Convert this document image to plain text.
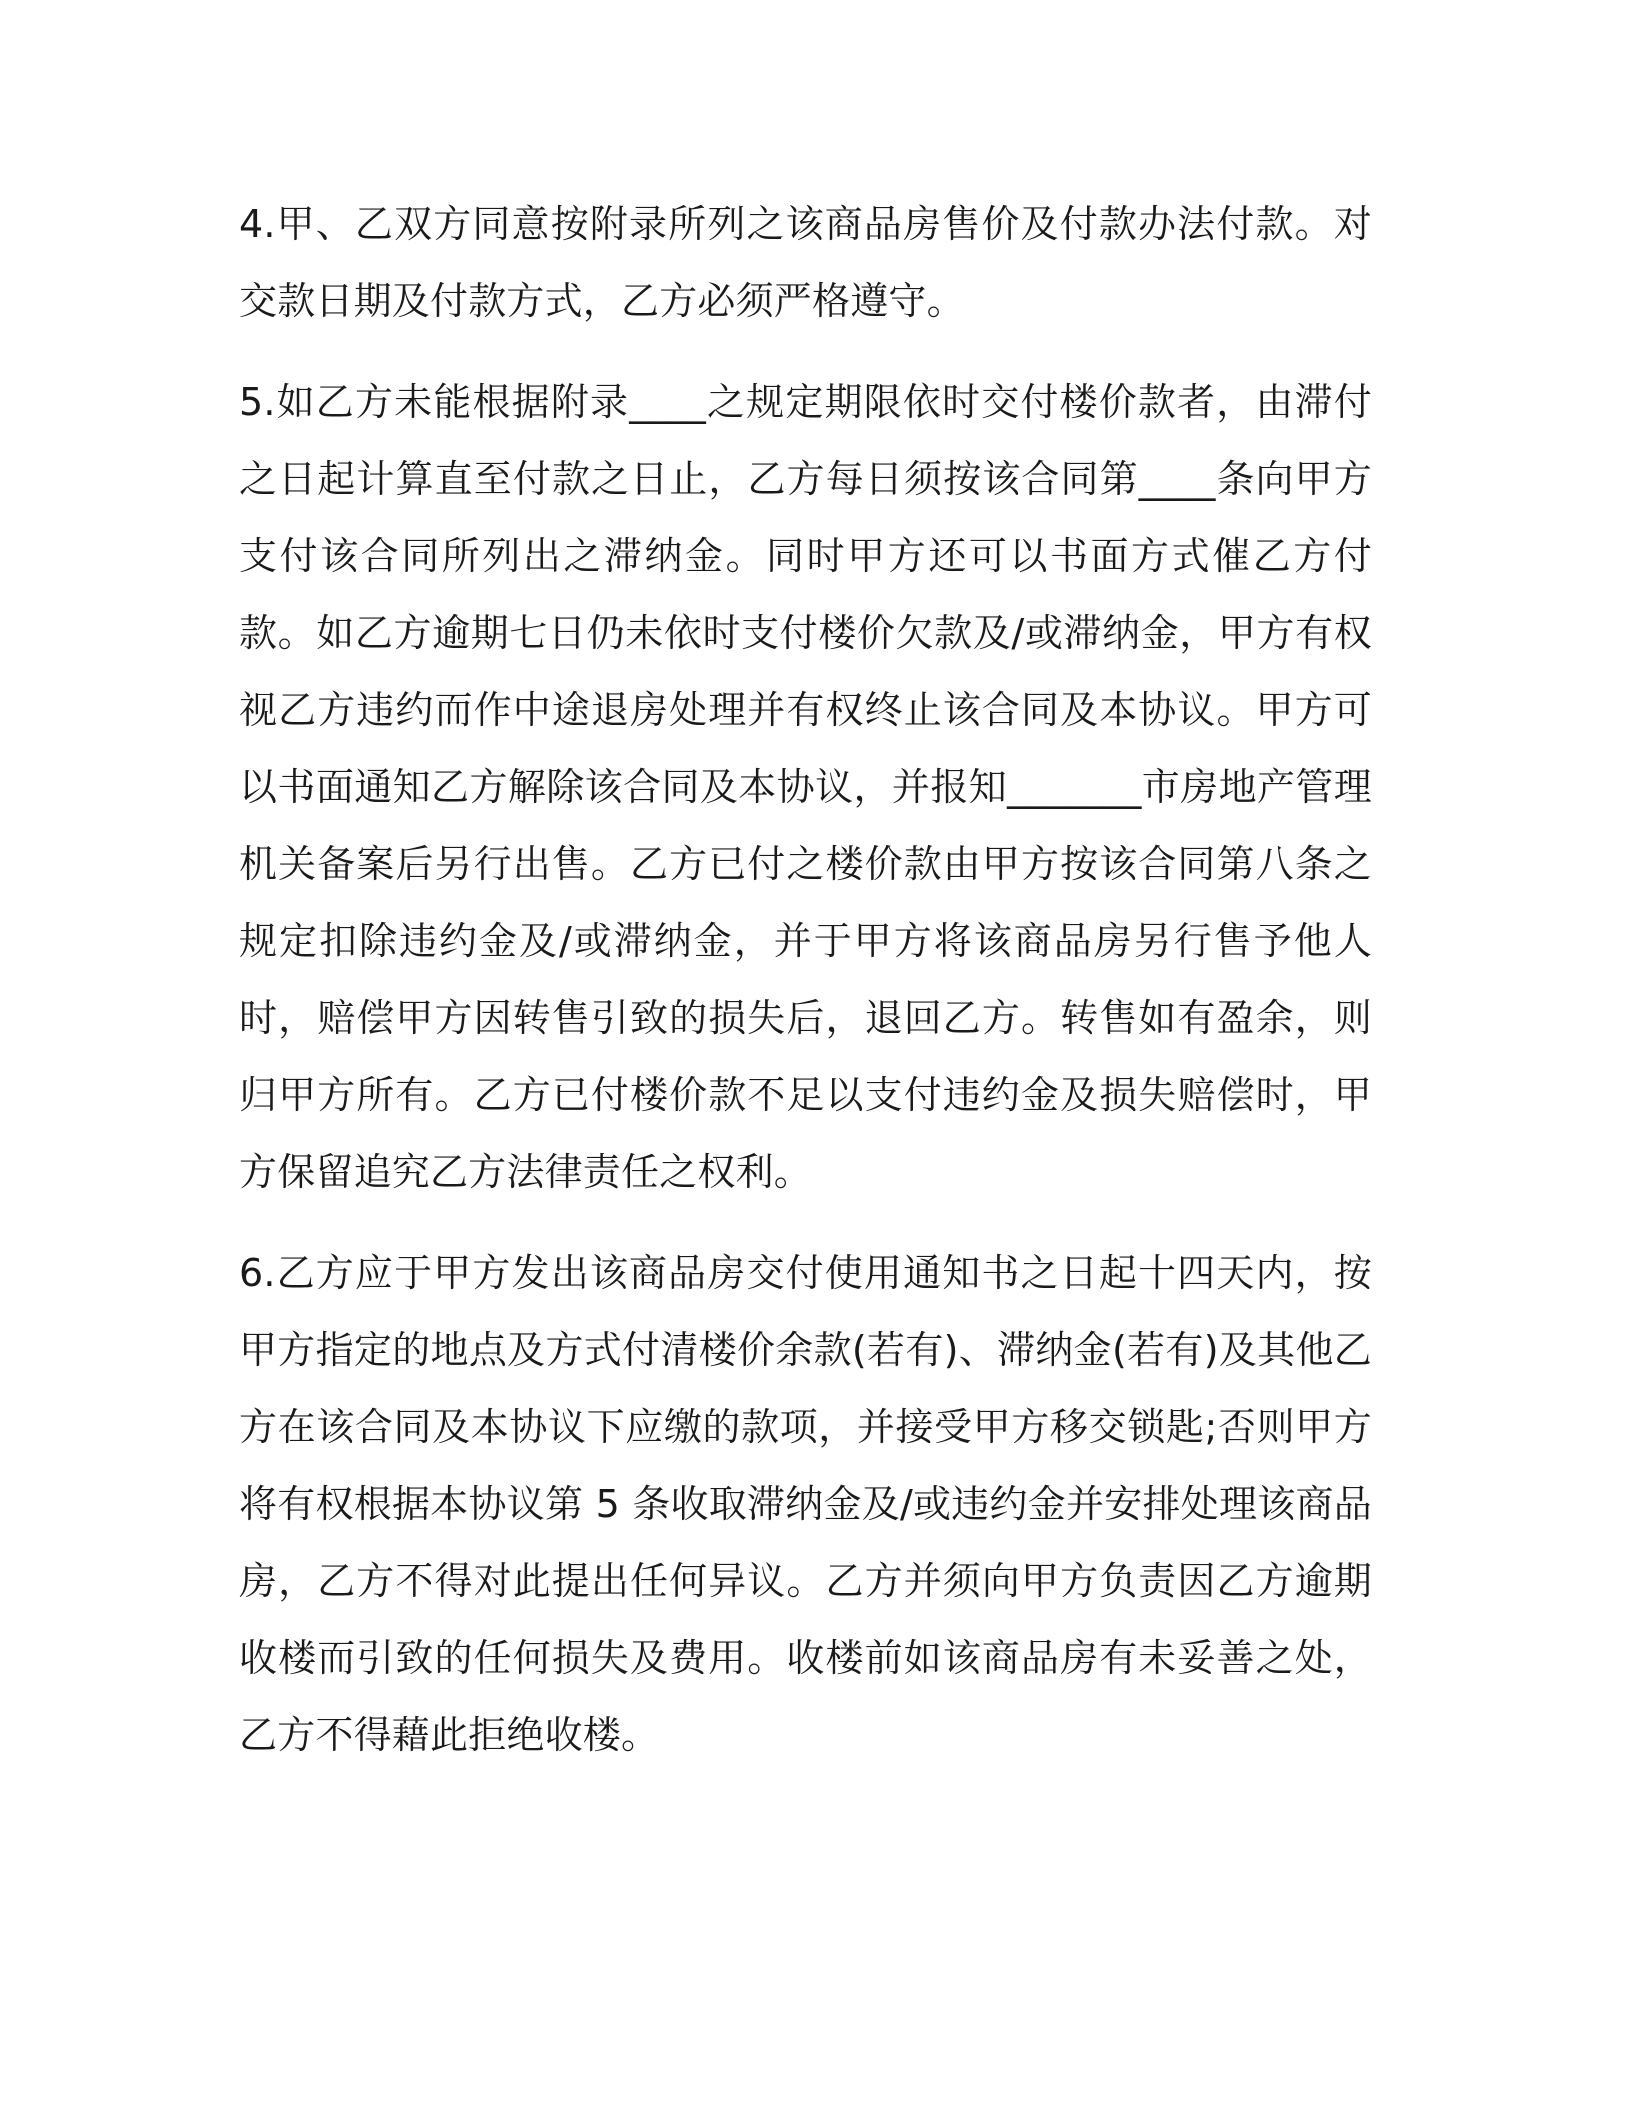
4.甲、乙双方同意按附录所列之该商品房售价及付款办法付款。对交款日期及付款方式，乙方必须严格遵守。

5.如乙方未能根据附录____之规定期限依时交付楼价款者，由滞付之日起计算直至付款之日止，乙方每日须按该合同第____条向甲方支付该合同所列出之滞纳金。同时甲方还可以书面方式催乙方付款。如乙方逾期七日仍未依时支付楼价欠款及/或滞纳金，甲方有权视乙方违约而作中途退房处理并有权终止该合同及本协议。甲方可以书面通知乙方解除该合同及本协议，并报知_______市房地产管理机关备案后另行出售。乙方已付之楼价款由甲方按该合同第八条之规定扣除违约金及/或滞纳金，并于甲方将该商品房另行售予他人时，赔偿甲方因转售引致的损失后，退回乙方。转售如有盈余，则归甲方所有。乙方已付楼价款不足以支付违约金及损失赔偿时，甲方保留追究乙方法律责任之权利。

6.乙方应于甲方发出该商品房交付使用通知书之日起十四天内，按甲方指定的地点及方式付清楼价余款(若有)、滞纳金(若有)及其他乙方在该合同及本协议下应缴的款项，并接受甲方移交锁匙;否则甲方将有权根据本协议第 5 条收取滞纳金及/或违约金并安排处理该商品房，乙方不得对此提出任何异议。乙方并须向甲方负责因乙方逾期收楼而引致的任何损失及费用。收楼前如该商品房有未妥善之处，乙方不得藉此拒绝收楼。
